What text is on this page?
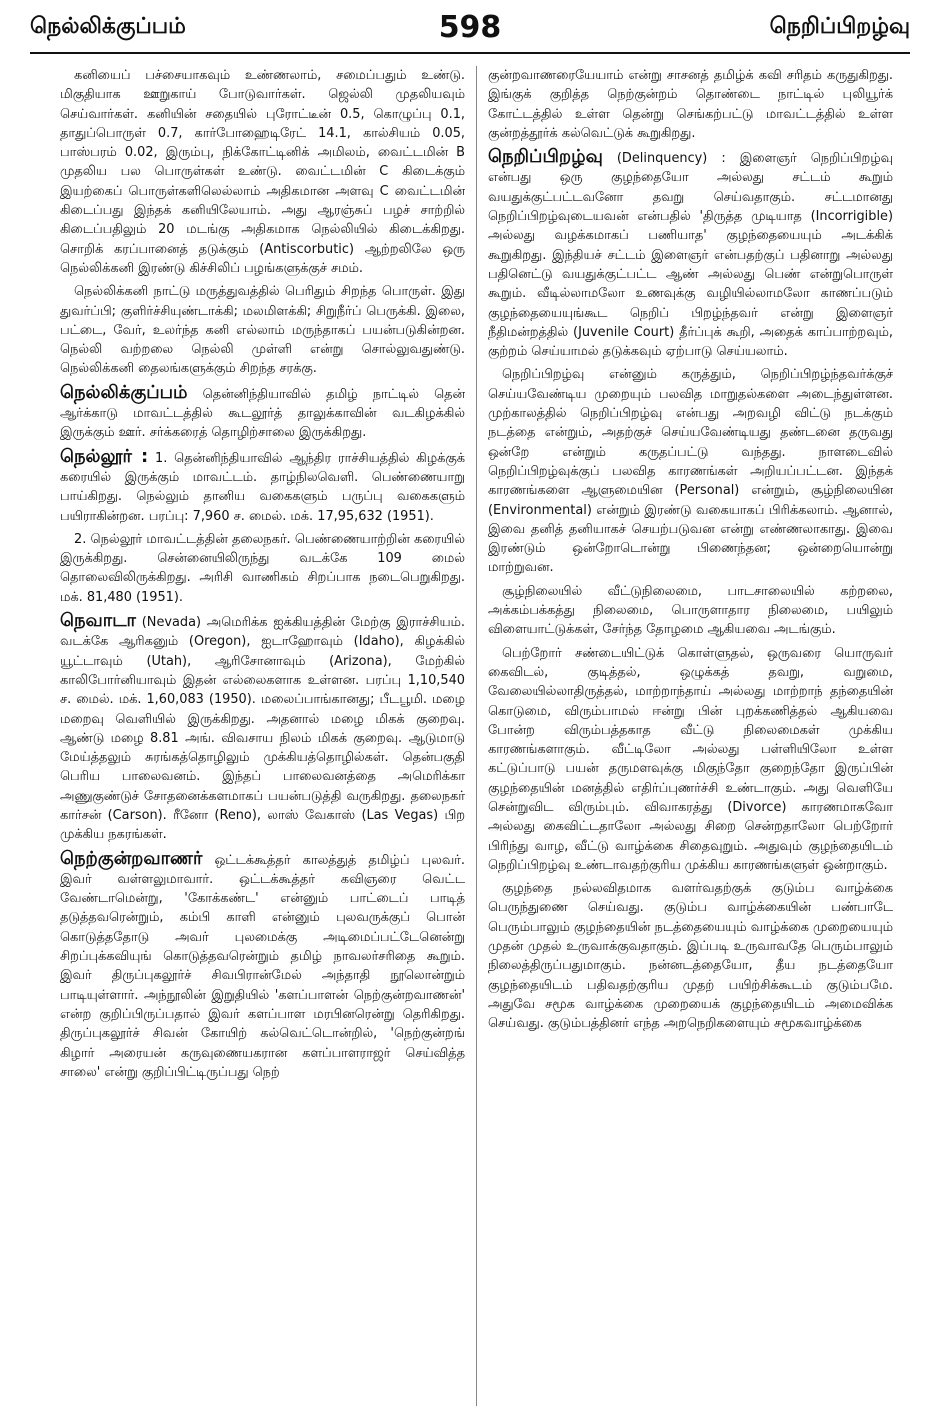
நெல்லிக்குப்பம்	598	நெறிப்பிறழ்வு

கனியைப் பச்சையாகவும் உண்ணலாம், சமைப்பதும் உண்டு. மிகுதியாக ஊறுகாய் போடுவார்கள். ஜெல்லி முதலியவும் செய்வார்கள். கனியின் சதையில் புரோட்டீன் 0.5, கொழுப்பு 0.1, தாதுப்பொருள் 0.7, கார்போஹைடிரேட் 14.1, கால்சியம் 0.05, பாஸ்பரம் 0.02, இரும்பு, நிக்கோட்டினிக் அமிலம், வைட்டமின் B முதலிய பல பொருள்கள் உண்டு. வைட்டமின் C கிடைக்கும் இயற்கைப் பொருள்களிலெல்லாம் அதிகமான அளவு C வைட்டமின் கிடைப்பது இந்தக் கனியிலேயாம். அது ஆரஞ்சுப் பழச் சாற்றில் கிடைப்பதிலும் 20 மடங்கு அதிகமாக நெல்லியில் கிடைக்கிறது. சொறிக் கரப்பானைத் தடுக்கும் (Antiscorbutic) ஆற்றலிலே ஒரு நெல்லிக்கனி இரண்டு கிச்சிலிப் பழங்களுக்குச் சமம்.

நெல்லிக்கனி நாட்டு மருத்துவத்தில் பெரிதும் சிறந்த பொருள். இது துவர்ப்பி; குளிர்ச்சியுண்டாக்கி; மலமிளக்கி; சிறுநீர்ப் பெருக்கி. இலை, பட்டை, வேர், உலர்ந்த கனி எல்லாம் மருந்தாகப் பயன்படுகின்றன. நெல்லி வற்றலை நெல்லி முள்ளி என்று சொல்லுவதுண்டு. நெல்லிக்கனி தைலங்களுக்கும் சிறந்த சரக்கு.

நெல்லிக்குப்பம் தென்னிந்தியாவில் தமிழ் நாட்டில் தென் ஆர்க்காடு மாவட்டத்தில் கூடலூர்த் தாலுக்காவின் வடகிழக்கில் இருக்கும் ஊர். சர்க்கரைத் தொழிற்சாலை இருக்கிறது.
நெல்லூர் : 1. தென்னிந்தியாவில் ஆந்திர ராச்சியத்தில் கிழக்குக் கரையில் இருக்கும் மாவட்டம். தாழ்நிலவெளி. பெண்ணையாறு பாய்கிறது. நெல்லும் தானிய வகைகளும் பருப்பு வகைகளும் பயிராகின்றன. பரப்பு: 7,960 ச. மைல். மக். 17,95,632 (1951).

2. நெல்லூர் மாவட்டத்தின் தலைநகர். பெண்ணையாற்றின் கரையில் இருக்கிறது. சென்னையிலிருந்து வடக்கே 109 மைல் தொலைவிலிருக்கிறது. அரிசி வாணிகம் சிறப்பாக நடைபெறுகிறது. மக். 81,480 (1951).

நெவாடா (Nevada) அமெரிக்க ஐக்கியத்தின் மேற்கு இராச்சியம். வடக்கே ஆரிகனும் (Oregon), ஐடாஹோவும் (Idaho), கிழக்கில் யூட்டாவும் (Utah), ஆரிசோனாவும் (Arizona), மேற்கில் காலிபோர்னியாவும் இதன் எல்லைகளாக உள்ளன. பரப்பு 1,10,540 ச. மைல். மக். 1,60,083 (1950). மலைப்பாங்கானது; பீடபூமி. மழை மறைவு வெளியில் இருக்கிறது. அதனால் மழை மிகக் குறைவு. ஆண்டு மழை 8.81 அங். விவசாய நிலம் மிகக் குறைவு. ஆடுமாடு மேய்த்தலும் சுரங்கத்தொழிலும் முக்கியத்தொழில்கள். தென்பகுதி பெரிய பாலைவனம். இந்தப் பாலைவனத்தை அமெரிக்கா அணுகுண்டுச் சோதனைக்களமாகப் பயன்படுத்தி வருகிறது. தலைநகர் கார்சன் (Carson). ரீனோ (Reno), லாஸ் வேகாஸ் (Las Vegas) பிற முக்கிய நகரங்கள்.
நெற்குன்றவாணர் ஒட்டக்கூத்தர் காலத்துத் தமிழ்ப் புலவர். இவர் வள்ளலுமாவார். ஒட்டக்கூத்தர் கவிஞரை வெட்ட வேண்டாமென்று, 'கோக்கண்ட' என்னும் பாட்டைப் பாடித் தடுத்தவரென்றும், கம்பி காளி என்னும் புலவருக்குப் பொன் கொடுத்ததோடு அவர் புலமைக்கு அடிமைப்பட்டேனென்று சிறப்புக்கவியுங் கொடுத்தவரென்றும் தமிழ் நாவலர்சரிதை கூறும். இவர் திருப்புகலூர்ச் சிவபிரான்மேல் அந்தாதி நூலொன்றும் பாடியுள்ளார். அந்நூலின் இறுதியில் 'களப்பாளன் நெற்குன்றவாணன்' என்ற குறிப்பிருப்பதால் இவர் களப்பாள மரபினரென்று தெரிகிறது. திருப்புகலூர்ச் சிவன் கோயிற் கல்வெட்டொன்றில், 'நெற்குன்றங் கிழார் அரையன் கருவுணையகரான களப்பாளராஜர் செய்வித்த சாலை' என்று குறிப்பிட்டிருப்பது நெற்

குன்றவாணரையேயாம் என்று சாசனத் தமிழ்க் கவி சரிதம் கருதுகிறது. இங்குக் குறித்த நெற்குன்றம் தொண்டை நாட்டில் புலியூர்க் கோட்டத்தில் உள்ள தென்று செங்கற்பட்டு மாவட்டத்தில் உள்ள குன்றத்தூர்க் கல்வெட்டுக் கூறுகிறது.

நெறிப்பிறழ்வு (Delinquency) : இளைஞர் நெறிப்பிறழ்வு என்பது ஒரு குழந்தையோ அல்லது சட்டம் கூறும் வயதுக்குட்பட்டவனோ தவறு செய்வதாகும். சட்டமானது நெறிப்பிறழ்வுடையவன் என்பதில் 'திருத்த முடியாத (Incorrigible) அல்லது வழக்கமாகப் பணியாத' குழந்தையையும் அடக்கிக் கூறுகிறது. இந்தியச் சட்டம் இளைஞர் என்பதற்குப் பதினாறு அல்லது பதினெட்டு வயதுக்குட்பட்ட ஆண் அல்லது பெண் என்றுபொருள் கூறும். வீடில்லாமலோ உணவுக்கு வழியில்லாமலோ காணப்படும் குழந்தையையுங்கூட நெறிப் பிறழ்ந்தவர் என்று இளைஞர் நீதிமன்றத்தில் (Juvenile Court) தீர்ப்புக் கூறி, அதைக் காப்பாற்றவும், குற்றம் செய்யாமல் தடுக்கவும் ஏற்பாடு செய்யலாம்.

நெறிப்பிறழ்வு என்னும் கருத்தும், நெறிப்பிறழ்ந்தவர்க்குச் செய்யவேண்டிய முறையும் பலவித மாறுதல்களை அடைந்துள்ளன. முற்காலத்தில் நெறிப்பிறழ்வு என்பது அறவழி விட்டு நடக்கும் நடத்தை என்றும், அதற்குச் செய்யவேண்டியது தண்டனை தருவது ஒன்றே என்றும் கருதப்பட்டு வந்தது. நாளடைவில் நெறிப்பிறழ்வுக்குப் பலவித காரணங்கள் அறியப்பட்டன. இந்தக் காரணங்களை ஆளுமையின (Personal) என்றும், சூழ்நிலையின (Environmental) என்றும் இரண்டு வகையாகப் பிரிக்கலாம். ஆனால், இவை தனித் தனியாகச் செயற்படுவன என்று எண்ணலாகாது. இவை இரண்டும் ஒன்றோடொன்று பிணைந்தன; ஒன்றையொன்று மாற்றுவன.

சூழ்நிலையில் வீட்டுநிலைமை, பாடசாலையில் கற்றலை, அக்கம்பக்கத்து நிலைமை, பொருளாதார நிலைமை, பயிலும் விளையாட்டுக்கள், சேர்ந்த தோழமை ஆகியவை அடங்கும்.

பெற்றோர் சண்டையிட்டுக் கொள்ளுதல், ஒருவரை யொருவர் கைவிடல், குடித்தல், ஒழுக்கத் தவறு, வறுமை, வேலையில்லாதிருத்தல், மாற்றாந்தாய் அல்லது மாற்றாந் தந்தையின் கொடுமை, விரும்பாமல் ஈன்று பின் புறக்கணித்தல் ஆகியவை போன்ற விரும்பத்தகாத வீட்டு நிலைமைகள் முக்கிய காரணங்களாகும். வீட்டிலோ அல்லது பள்ளியிலோ உள்ள கட்டுப்பாடு பயன் தருமளவுக்கு மிகுந்தோ குறைந்தோ இருப்பின் குழந்தையின் மனத்தில் எதிர்ப்புணர்ச்சி உண்டாகும். அது வெளியே சென்றுவிட விரும்பும். விவாகரத்து (Divorce) காரணமாகவோ அல்லது கைவிட்டதாலோ அல்லது சிறை சென்றதாலோ பெற்றோர் பிரிந்து வாழ, வீட்டு வாழ்க்கை சிதைவுறும். அதுவும் குழந்தையிடம் நெறிப்பிறழ்வு உண்டாவதற்குரிய முக்கிய காரணங்களுள் ஒன்றாகும்.

குழந்தை நல்லவிதமாக வளர்வதற்குக் குடும்ப வாழ்க்கை பெருந்துணை செய்வது. குடும்ப வாழ்க்கையின் பண்பாடே பெரும்பாலும் குழந்தையின் நடத்தையையும் வாழ்க்கை முறையையும் முதன் முதல் உருவாக்குவதாகும். இப்படி உருவாவதே பெரும்பாலும் நிலைத்திருப்பதுமாகும். நன்னடத்தையோ, தீய நடத்தையோ குழந்தையிடம் பதிவதற்குரிய முதற் பயிற்சிக்கூடம் குடும்பமே. அதுவே சமூக வாழ்க்கை முறையைக் குழந்தையிடம் அமைவிக்க செய்வது. குடும்பத்தினர் எந்த அறநெறிகளையும் சமூகவாழ்க்கை
